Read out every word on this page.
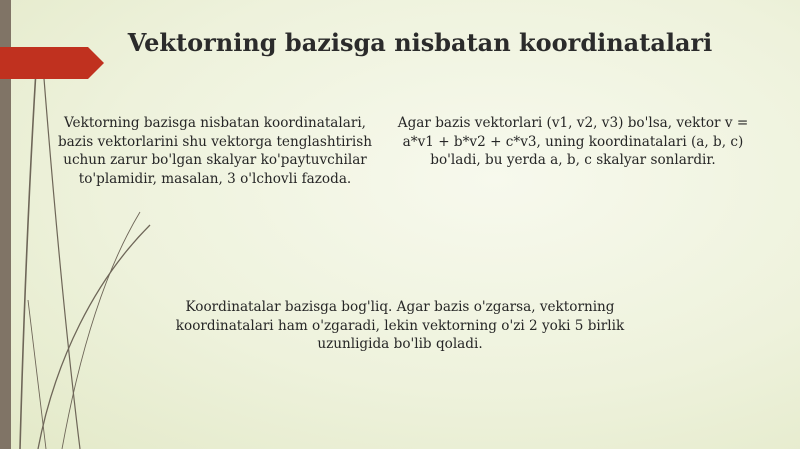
Vektorning bazisga nisbatan koordinatalari

Vektorning bazisga nisbatan koordinatalari, bazis vektorlarini shu vektorga tenglashtirish uchun zarur bo'lgan skalyar ko'paytuvchilar to'plamidir, masalan, 3 o'lchovli fazoda.

Agar bazis vektorlari (v1, v2, v3) bo'lsa, vektor v = a*v1 + b*v2 + c*v3, uning koordinatalari (a, b, c) bo'ladi, bu yerda a, b, c skalyar sonlardir.

Koordinatalar bazisga bog'liq. Agar bazis o'zgarsa, vektorning koordinatalari ham o'zgaradi, lekin vektorning o'zi 2 yoki 5 birlik uzunligida bo'lib qoladi.
